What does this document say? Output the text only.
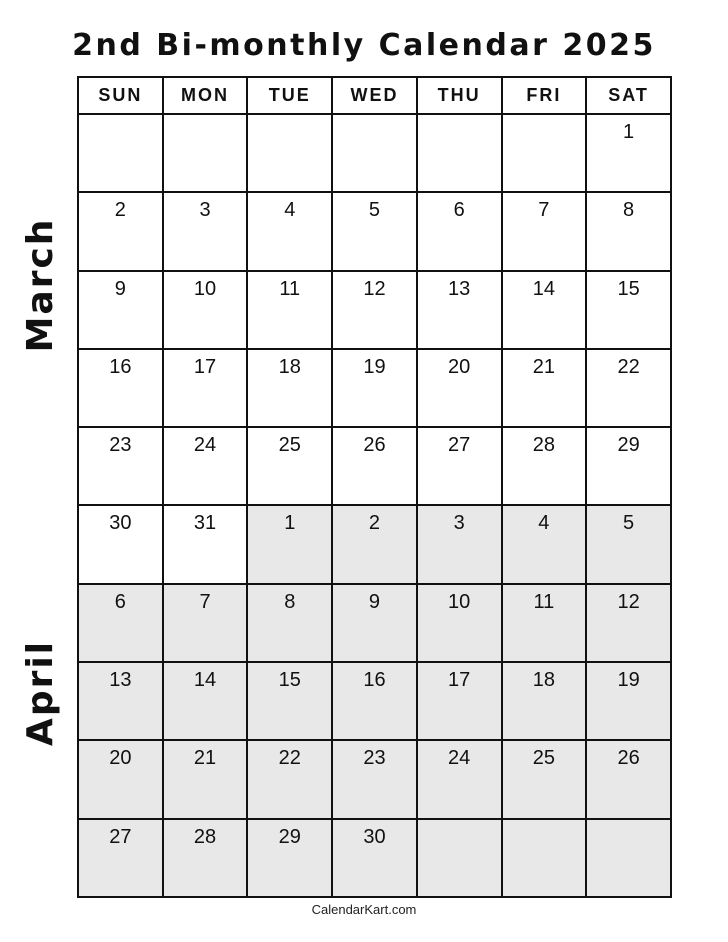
2nd Bi-monthly Calendar 2025
March
April
SUN	MON	TUE	WED	THU	FRI	SAT

						1

2	3	4	5	6	7	8

9	10	11	12	13	14	15

16	17	18	19	20	21	22

23	24	25	26	27	28	29

30	31	1	2	3	4	5

6	7	8	9	10	11	12

13	14	15	16	17	18	19

20	21	22	23	24	25	26

27	28	29	30			

CalendarKart.com
